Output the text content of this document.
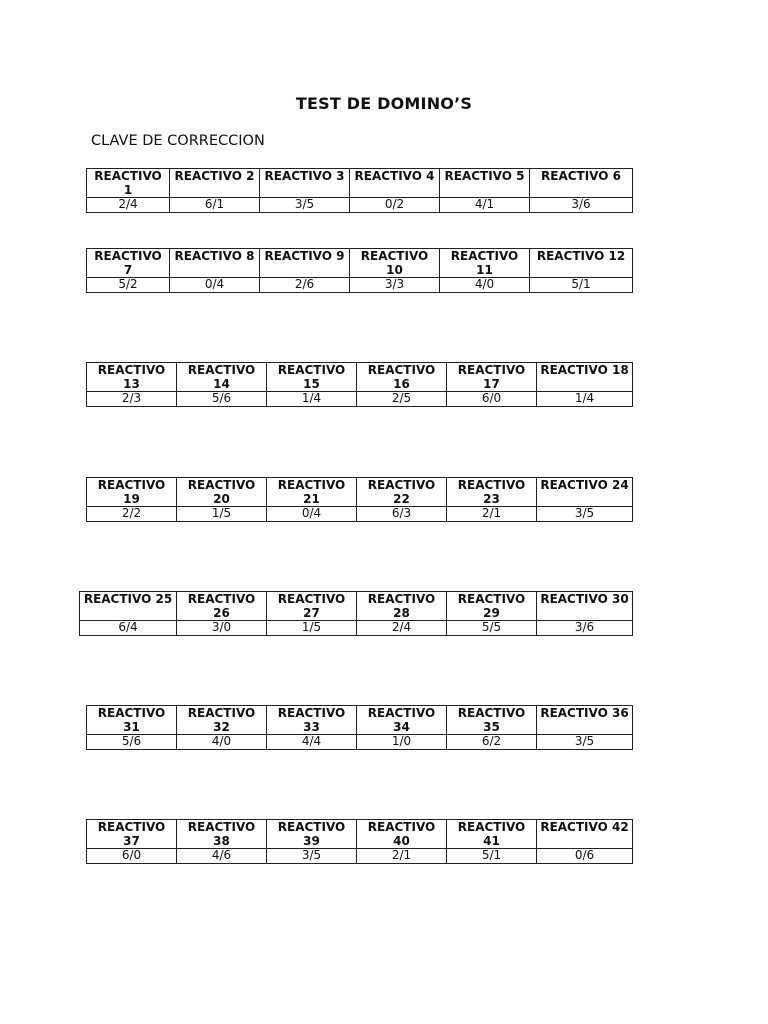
TEST DE DOMINO’S
CLAVE DE CORRECCION
REACTIVO 1	REACTIVO 2	REACTIVO 3	REACTIVO 4	REACTIVO 5	REACTIVO 6
2/4	6/1	3/5	0/2	4/1	3/6
REACTIVO 7	REACTIVO 8	REACTIVO 9	REACTIVO 10	REACTIVO 11	REACTIVO 12
5/2	0/4	2/6	3/3	4/0	5/1
REACTIVO 13	REACTIVO 14	REACTIVO 15	REACTIVO 16	REACTIVO 17	REACTIVO 18
2/3	5/6	1/4	2/5	6/0	1/4
REACTIVO 19	REACTIVO 20	REACTIVO 21	REACTIVO 22	REACTIVO 23	REACTIVO 24
2/2	1/5	0/4	6/3	2/1	3/5
REACTIVO 25	REACTIVO 26	REACTIVO 27	REACTIVO 28	REACTIVO 29	REACTIVO 30
6/4	3/0	1/5	2/4	5/5	3/6
REACTIVO 31	REACTIVO 32	REACTIVO 33	REACTIVO 34	REACTIVO 35	REACTIVO 36
5/6	4/0	4/4	1/0	6/2	3/5
REACTIVO 37	REACTIVO 38	REACTIVO 39	REACTIVO 40	REACTIVO 41	REACTIVO 42
6/0	4/6	3/5	2/1	5/1	0/6
